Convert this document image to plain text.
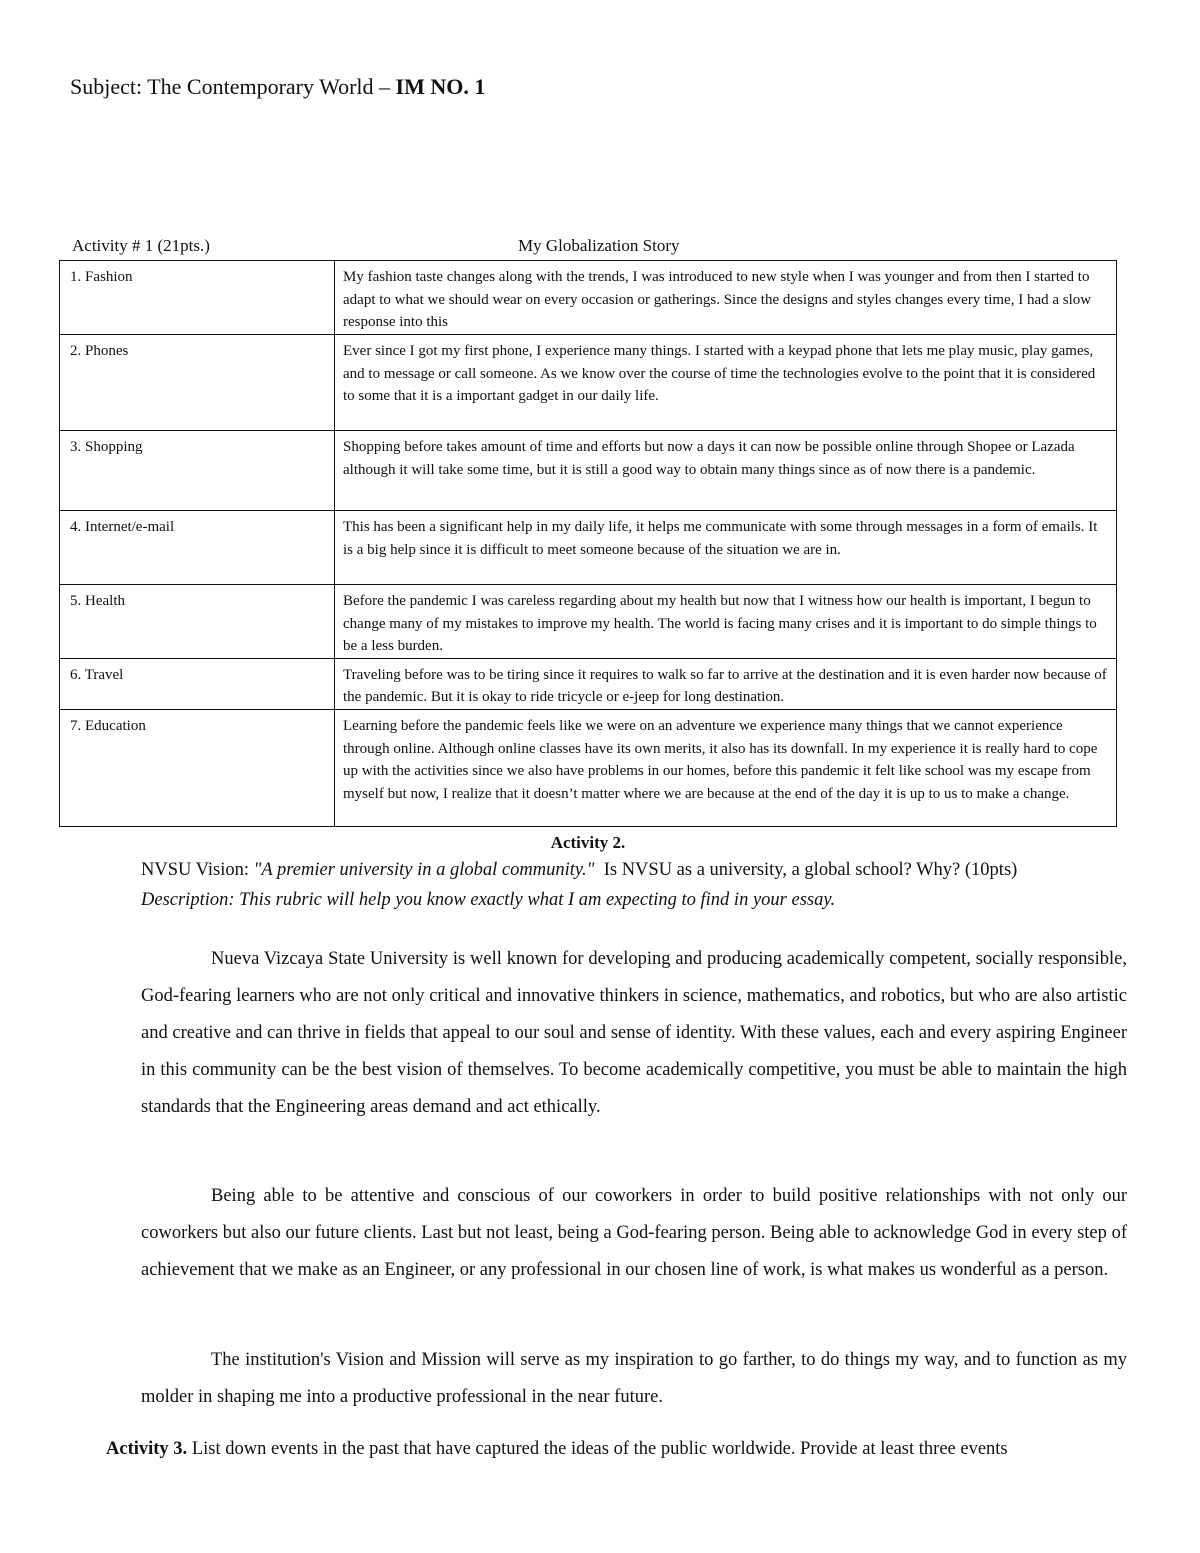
Subject: The Contemporary World – IM NO. 1
Activity # 1 (21pts.)	My Globalization Story
1. Fashion	My fashion taste changes along with the trends, I was introduced to new style when I was younger and from then I started to adapt to what we should wear on every occasion or gatherings. Since the designs and styles changes every time, I had a slow response into this
2. Phones	Ever since I got my first phone, I experience many things. I started with a keypad phone that lets me play music, play games, and to message or call someone. As we know over the course of time the technologies evolve to the point that it is considered to some that it is a important gadget in our daily life.
3. Shopping	Shopping before takes amount of time and efforts but now a days it can now be possible online through Shopee or Lazada although it will take some time, but it is still a good way to obtain many things since as of now there is a pandemic.
4. Internet/e-mail	This has been a significant help in my daily life, it helps me communicate with some through messages in a form of emails. It is a big help since it is difficult to meet someone because of the situation we are in.
5. Health	Before the pandemic I was careless regarding about my health but now that I witness how our health is important, I begun to change many of my mistakes to improve my health. The world is facing many crises and it is important to do simple things to be a less burden.
6. Travel	Traveling before was to be tiring since it requires to walk so far to arrive at the destination and it is even harder now because of the pandemic. But it is okay to ride tricycle or e-jeep for long destination.
7. Education	Learning before the pandemic feels like we were on an adventure we experience many things that we cannot experience through online. Although online classes have its own merits, it also has its downfall. In my experience it is really hard to cope up with the activities since we also have problems in our homes, before this pandemic it felt like school was my escape from myself but now, I realize that it doesn’t matter where we are because at the end of the day it is up to us to make a change.
Activity 2.
NVSU Vision: "A premier university in a global community."  Is NVSU as a university, a global school? Why? (10pts)
Description: This rubric will help you know exactly what I am expecting to find in your essay.

Nueva Vizcaya State University is well known for developing and producing academically competent, socially responsible, God-fearing learners who are not only critical and innovative thinkers in science, mathematics, and robotics, but who are also artistic and creative and can thrive in fields that appeal to our soul and sense of identity. With these values, each and every aspiring Engineer in this community can be the best vision of themselves. To become academically competitive, you must be able to maintain the high standards that the Engineering areas demand and act ethically.

Being able to be attentive and conscious of our coworkers in order to build positive relationships with not only our coworkers but also our future clients. Last but not least, being a God-fearing person. Being able to acknowledge God in every step of achievement that we make as an Engineer, or any professional in our chosen line of work, is what makes us wonderful as a person.

The institution's Vision and Mission will serve as my inspiration to go farther, to do things my way, and to function as my molder in shaping me into a productive professional in the near future.

Activity 3. List down events in the past that have captured the ideas of the public worldwide. Provide at least three events
